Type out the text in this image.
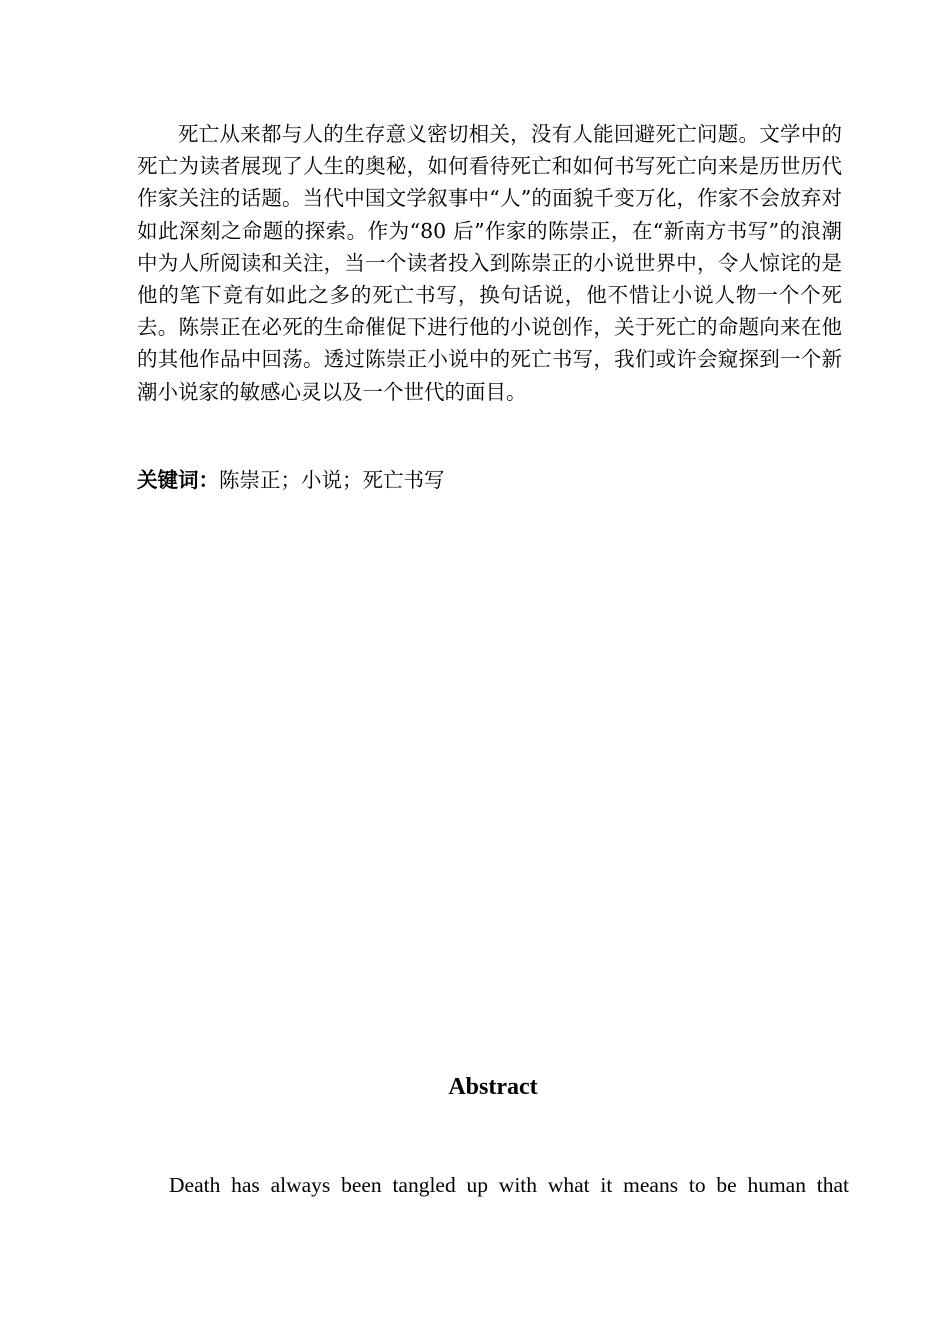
死亡从来都与人的生存意义密切相关，没有人能回避死亡问题。文学中的死亡为读者展现了人生的奥秘，如何看待死亡和如何书写死亡向来是历世历代作家关注的话题。当代中国文学叙事中“人”的面貌千变万化，作家不会放弃对如此深刻之命题的探索。作为“80 后”作家的陈崇正，在“新南方书写”的浪潮中为人所阅读和关注，当一个读者投入到陈崇正的小说世界中，令人惊诧的是他的笔下竟有如此之多的死亡书写，换句话说，他不惜让小说人物一个个死去。陈崇正在必死的生命催促下进行他的小说创作，关于死亡的命题向来在他的其他作品中回荡。透过陈崇正小说中的死亡书写，我们或许会窥探到一个新潮小说家的敏感心灵以及一个世代的面目。

关键词：陈崇正；小说；死亡书写

Abstract

Death has always been tangled up with what it means to be human that
